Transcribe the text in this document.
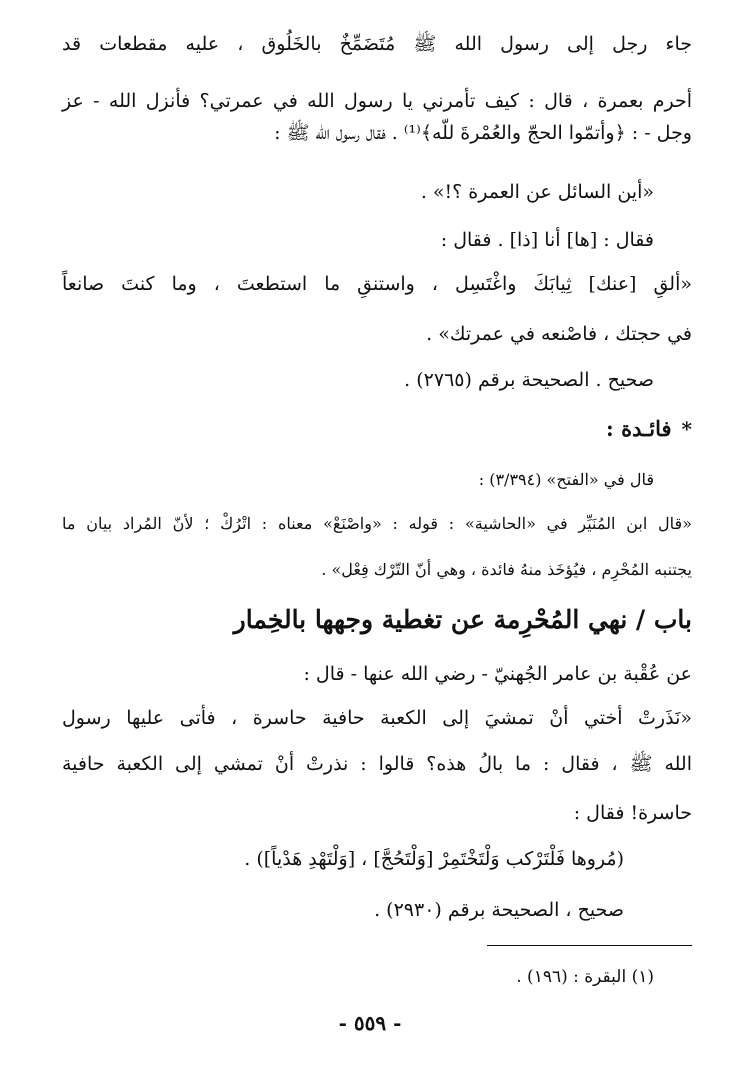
جاء رجل إلى رسول الله ﷺ مُتَضَمِّخٌ بالخَلُوق ، عليه مقطعات قد
أحرم بعمرة ، قال : كيف تأمرني يا رسول الله في عمرتي؟ فأنزل الله - عز
وجل - : ﴿وأتمّوا الحجّ والعُمْرةَ للّه﴾⁽¹⁾ . فقال رسول الله ﷺ :
«أين السائل عن العمرة ؟!» .
فقال : [ها] أنا [ذا] . فقال :
«ألقِ [عنك] ثِيابَكَ واغْتَسِل ، واستنقِ ما استطعتَ ، وما كنتَ صانعاً
في حجتك ، فاصْنعه في عمرتك» .
صحيح . الصحيحة برقم (٢٧٦٥) .
*فائـدة :
قال في «الفتح» (٣/٣٩٤) :
«قال ابن المُنَيِّر في «الحاشية» : قوله : «واصْنَعْ» معناه : اتْرُكْ ؛ لأنّ المُراد بيان ما
يجتنبه المُحْرِم ، فيُؤخَذ منهُ فائدة ، وهي أنّ التّرْك فِعْل» .
باب / نهي المُحْرِمة عن تغطية وجهها بالخِمار
عن عُقْبة بن عامر الجُهنيّ - رضي الله عنها - قال :
«نَذَرتْ أختي أنْ تمشيَ إلى الكعبة حافية حاسرة ، فأتى عليها رسول
الله ﷺ ، فقال : ما بالُ هذه؟ قالوا : نذرتْ أنْ تمشي إلى الكعبة حافية
حاسرة! فقال :
(مُروها فَلْتَرْكب وَلْتَخْتَمِرْ [وَلْتَحُجَّ] ، [وَلْتَهْدِ هَدْياً]) .
صحيح ، الصحيحة برقم (٢٩٣٠) .
(١) البقرة : (١٩٦) .
- ٥٥٩ -
